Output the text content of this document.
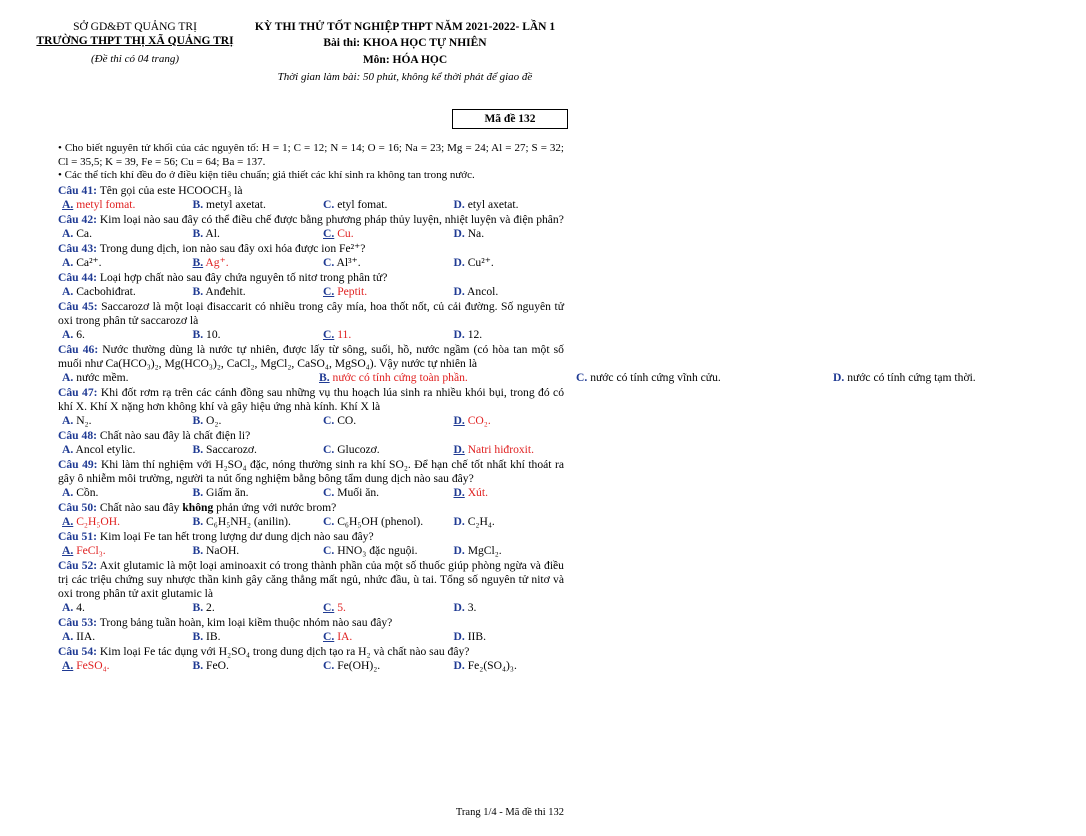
SỞ GD&ĐT QUẢNG TRỊ
TRƯỜNG THPT THỊ XÃ QUẢNG TRỊ
(Đề thi có 04 trang)
KỲ THI THỬ TỐT NGHIỆP THPT NĂM 2021-2022- LẦN 1
Bài thi: KHOA HỌC TỰ NHIÊN
Môn: HÓA HỌC
Thời gian làm bài: 50 phút, không kể thời phát để giao đề
Mã đề 132
• Cho biết nguyên tử khối của các nguyên tố: H = 1; C = 12; N = 14; O = 16; Na = 23; Mg = 24; Al = 27; S = 32; Cl = 35,5; K = 39, Fe = 56; Cu = 64; Ba = 137.
• Các thể tích khí đều đo ở điều kiện tiêu chuẩn; giả thiết các khí sinh ra không tan trong nước.
Câu 41: Tên gọi của este HCOOCH₃ là
A. metyl fomat.	B. metyl axetat.	C. etyl fomat.	D. etyl axetat.
Câu 42: Kim loại nào sau đây có thể điều chế được bằng phương pháp thủy luyện, nhiệt luyện và điện phân?
A. Ca.	B. Al.	C. Cu.	D. Na.
Câu 43: Trong dung dịch, ion nào sau đây oxi hóa được ion Fe²⁺?
A. Ca²⁺.	B. Ag⁺.	C. Al³⁺.	D. Cu²⁺.
Câu 44: Loại hợp chất nào sau đây chứa nguyên tố nitơ trong phân tử?
A. Cacbohiđrat.	B. Anđehit.	C. Peptit.	D. Ancol.
Câu 45: Saccarozơ là một loại đisaccarit có nhiều trong cây mía, hoa thốt nốt, củ cải đường. Số nguyên tử oxi trong phân tử saccarozơ là
A. 6.	B. 10.	C. 11.	D. 12.
Câu 46: Nước thường dùng là nước tự nhiên, được lấy từ sông, suối, hồ, nước ngầm (có hòa tan một số muối như Ca(HCO₃)₂, Mg(HCO₃)₂, CaCl₂, MgCl₂, CaSO₄, MgSO₄). Vậy nước tự nhiên là
A. nước mềm.	B. nước có tính cứng toàn phần.	C. nước có tính cứng vĩnh cửu.	D. nước có tính cứng tạm thời.
Câu 47: Khi đốt rơm rạ trên các cánh đồng sau những vụ thu hoạch lúa sinh ra nhiều khói bụi, trong đó có khí X. Khí X nặng hơn không khí và gây hiệu ứng nhà kính. Khí X là
A. N₂.	B. O₂.	C. CO.	D. CO₂.
Câu 48: Chất nào sau đây là chất điện li?
A. Ancol etylic.	B. Saccarozơ.	C. Glucozơ.	D. Natri hiđroxit.
Câu 49: Khi làm thí nghiệm với H₂SO₄ đặc, nóng thường sinh ra khí SO₂. Để hạn chế tốt nhất khí thoát ra gây ô nhiễm môi trường, người ta nút ống nghiệm bằng bông tẩm dung dịch nào sau đây?
A. Cồn.	B. Giấm ăn.	C. Muối ăn.	D. Xút.
Câu 50: Chất nào sau đây không phản ứng với nước brom?
A. C₂H₅OH.	B. C₆H₅NH₂ (anilin).	C. C₆H₅OH (phenol).	D. C₂H₄.
Câu 51: Kim loại Fe tan hết trong lượng dư dung dịch nào sau đây?
A. FeCl₃.	B. NaOH.	C. HNO₃ đặc nguội.	D. MgCl₂.
Câu 52: Axit glutamic là một loại aminoaxit có trong thành phần của một số thuốc giúp phòng ngừa và điều trị các triệu chứng suy nhược thần kinh gây căng thẳng mất ngủ, nhức đầu, ù tai. Tổng số nguyên tử nitơ và oxi trong phân tử axit glutamic là
A. 4.	B. 2.	C. 5.	D. 3.
Câu 53: Trong bảng tuần hoàn, kim loại kiềm thuộc nhóm nào sau đây?
A. IIA.	B. IB.	C. IA.	D. IIB.
Câu 54: Kim loại Fe tác dụng với H₂SO₄ trong dung dịch tạo ra H₂ và chất nào sau đây?
A. FeSO₄.	B. FeO.	C. Fe(OH)₂.	D. Fe₂(SO₄)₃.
Trang 1/4 - Mã đề thi 132
